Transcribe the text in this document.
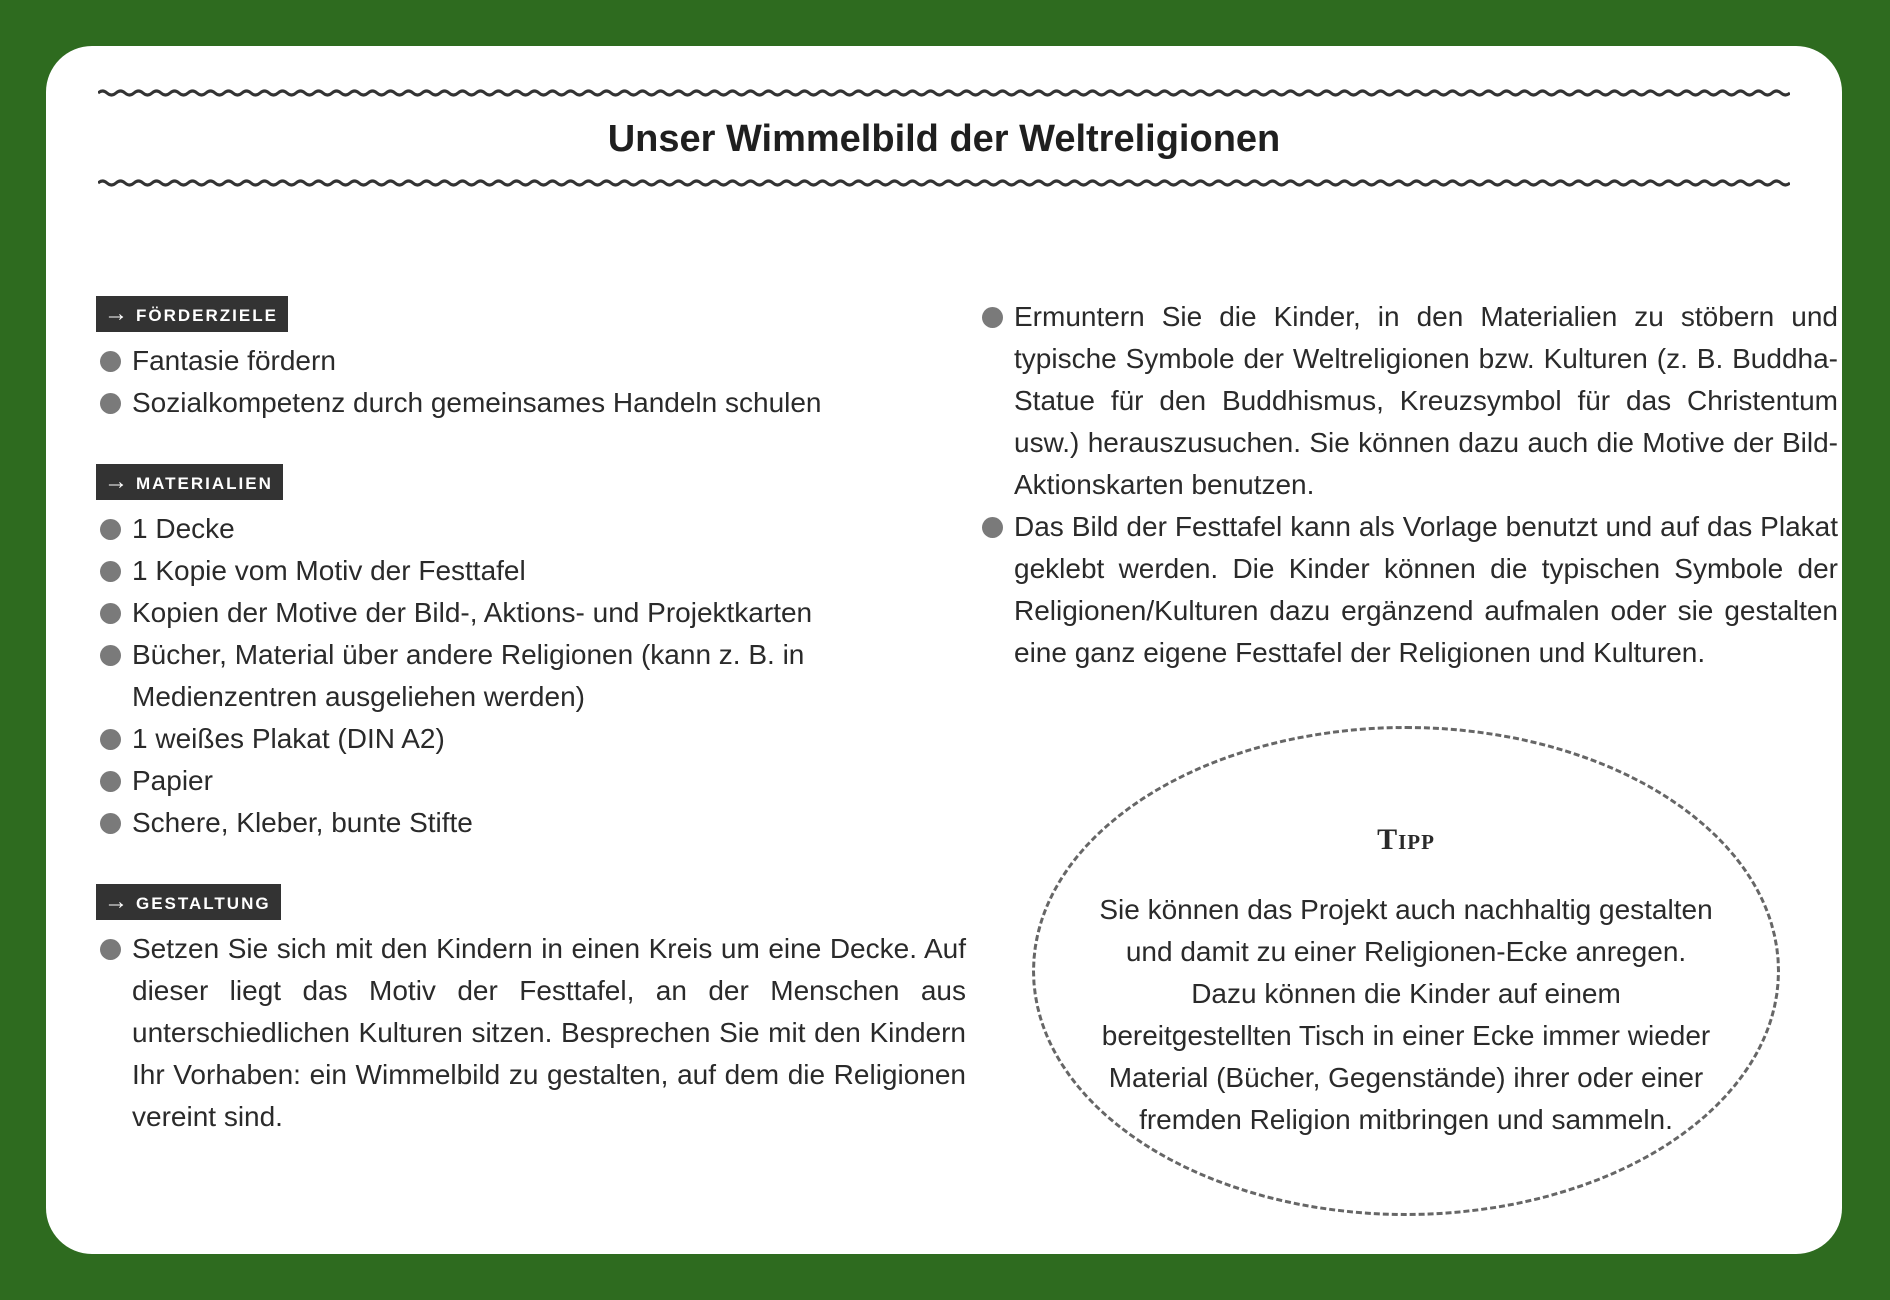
Unser Wimmelbild der Weltreligionen
→ förderziele
Fantasie fördern
Sozialkompetenz durch gemeinsames Handeln schulen
→ materialien
1 Decke
1 Kopie vom Motiv der Festtafel
Kopien der Motive der Bild-, Aktions- und Projektkarten
Bücher, Material über andere Religionen (kann z. B. in Medienzentren ausgeliehen werden)
1 weißes Plakat (DIN A2)
Papier
Schere, Kleber, bunte Stifte
→ gestaltung
Setzen Sie sich mit den Kindern in einen Kreis um eine Decke. Auf dieser liegt das Motiv der Festtafel, an der Menschen aus unterschiedlichen Kulturen sitzen. Besprechen Sie mit den Kindern Ihr Vorhaben: ein Wimmelbild zu gestalten, auf dem die Religionen vereint sind.
Ermuntern Sie die Kinder, in den Materialien zu stöbern und typische Symbole der Weltreligionen bzw. Kulturen (z. B. Buddha-Statue für den Buddhismus, Kreuzsymbol für das Christentum usw.) herauszusuchen. Sie können dazu auch die Motive der Bild-Aktionskarten benutzen.
Das Bild der Festtafel kann als Vorlage benutzt und auf das Plakat geklebt werden. Die Kinder können die typischen Symbole der Religionen/Kulturen dazu ergänzend aufmalen oder sie gestalten eine ganz eigene Festtafel der Religionen und Kulturen.

Tipp

Sie können das Projekt auch nachhaltig gestalten und damit zu einer Religionen-Ecke anregen. Dazu können die Kinder auf einem bereitgestellten Tisch in einer Ecke immer wieder Material (Bücher, Gegenstände) ihrer oder einer fremden Religion mitbringen und sammeln.
